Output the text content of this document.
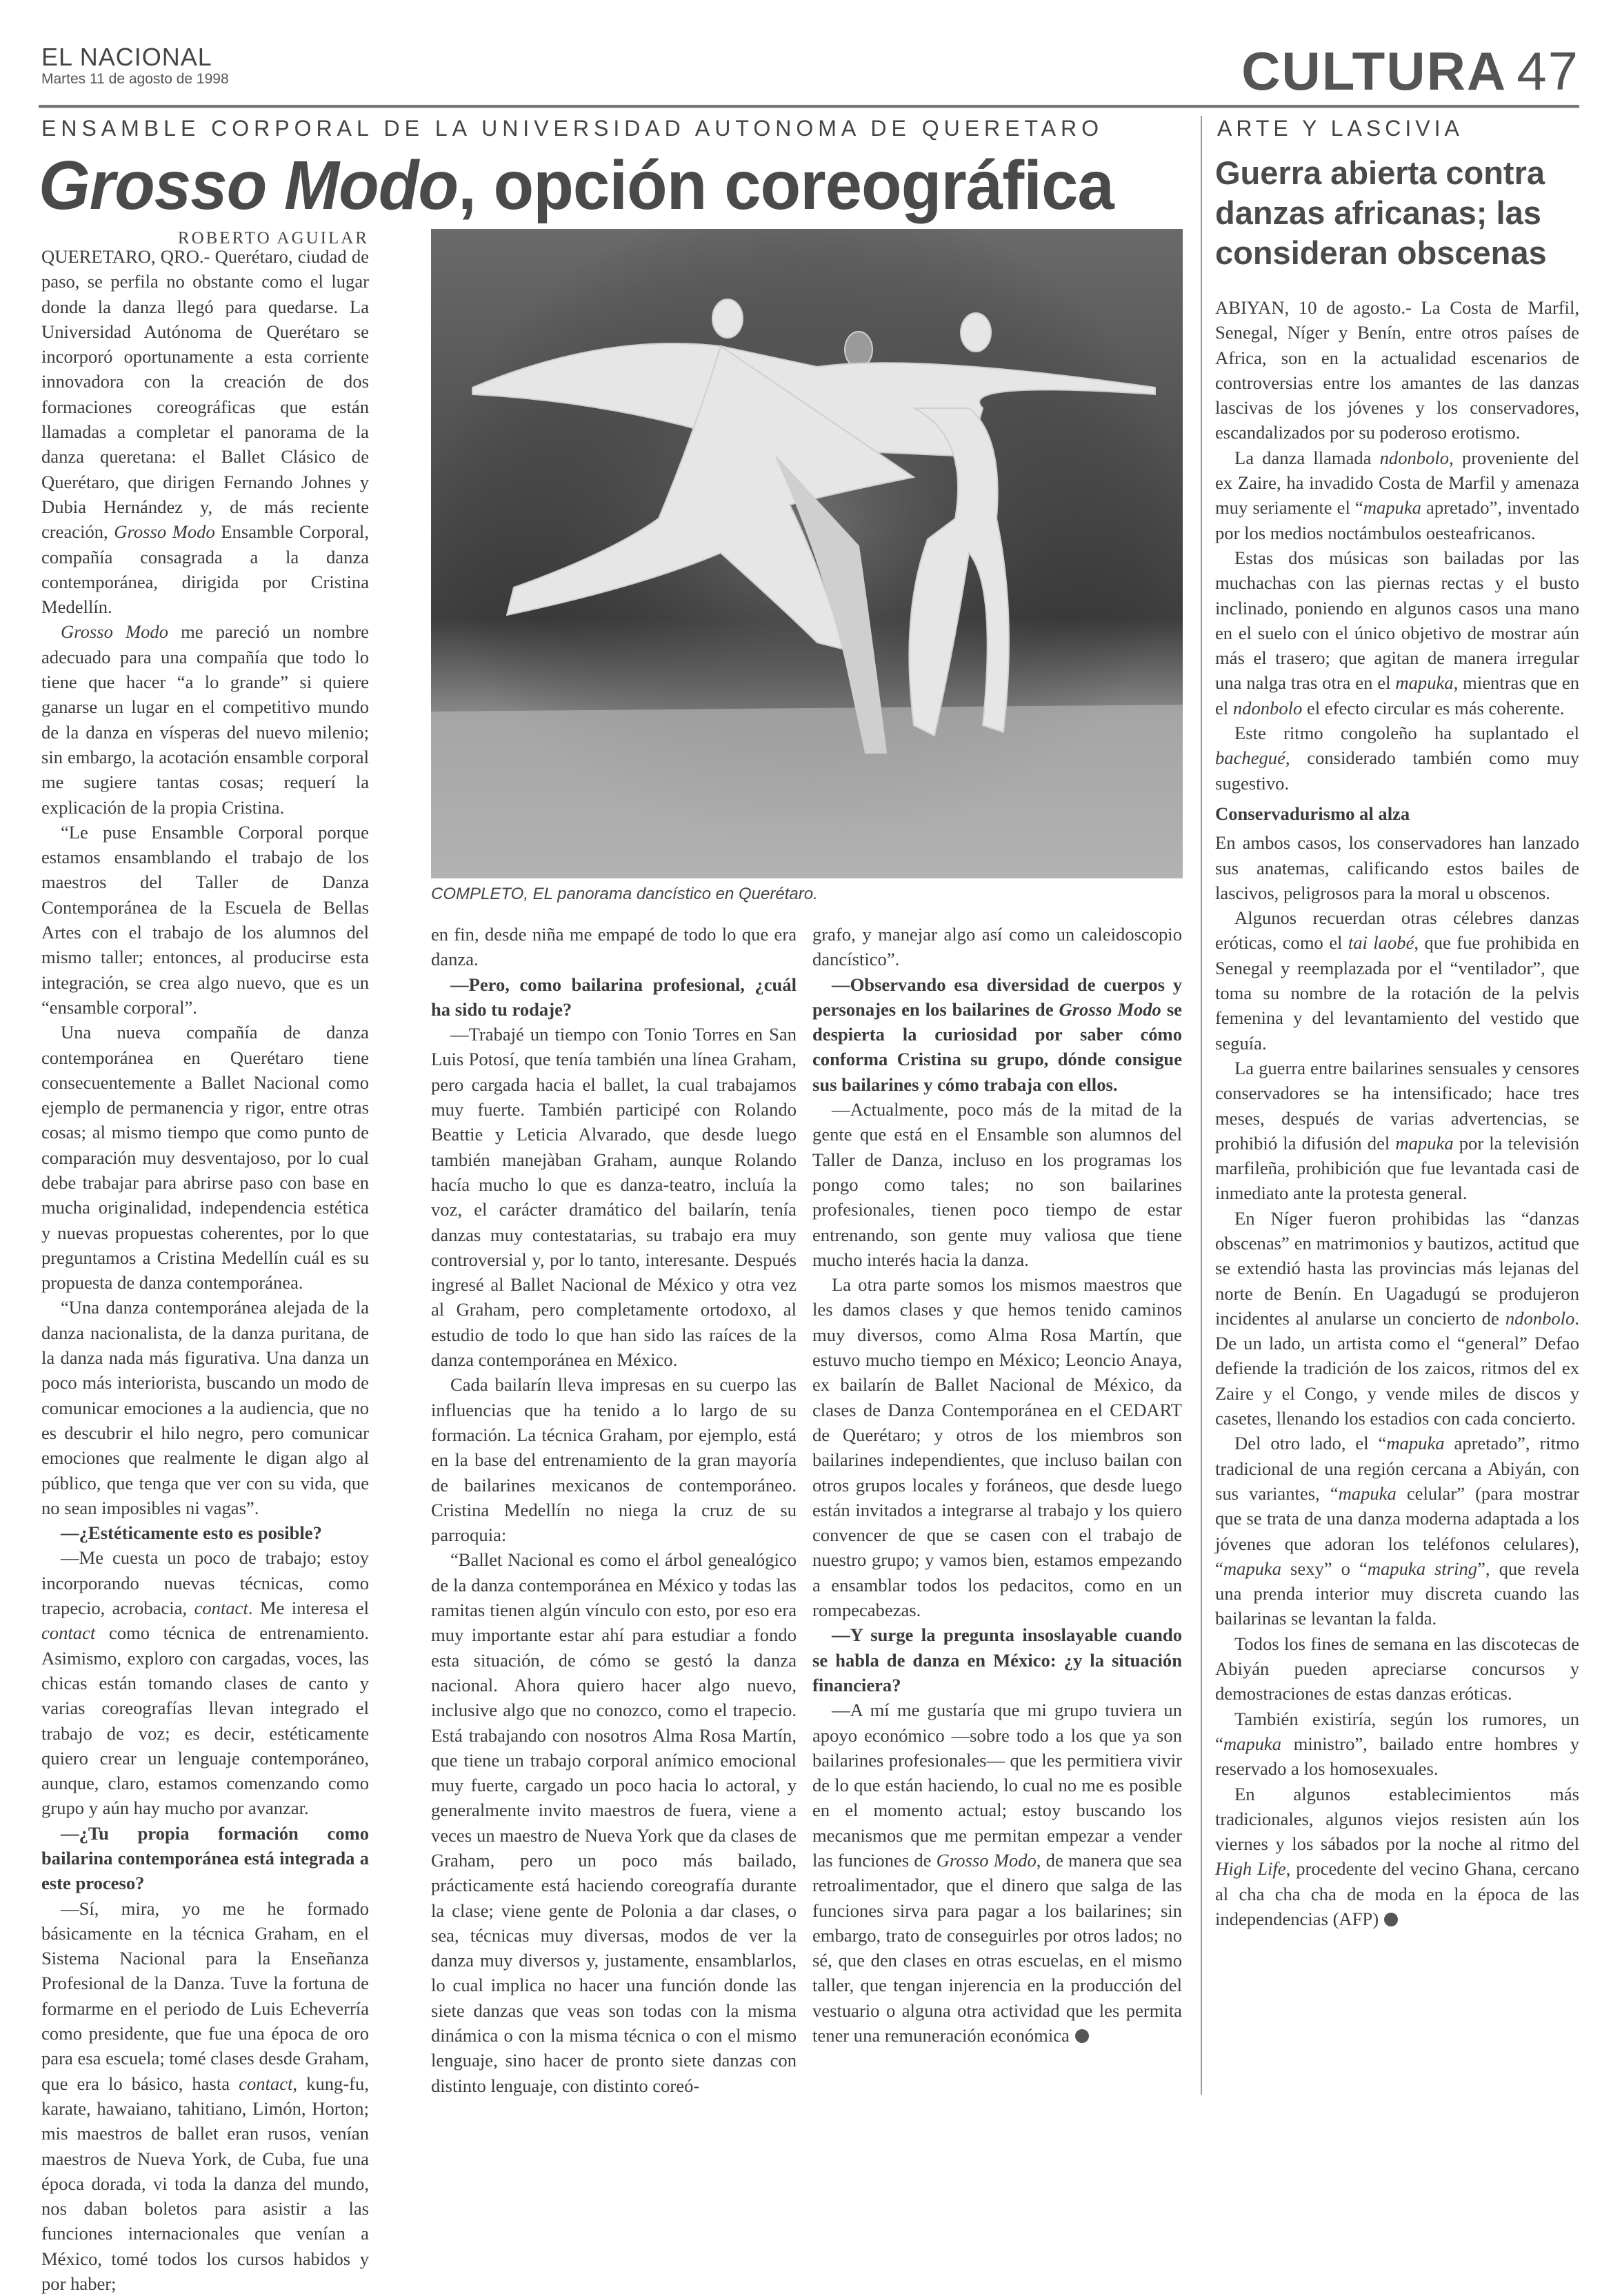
EL NACIONAL
Martes 11 de agosto de 1998	CULTURA 47
ENSAMBLE CORPORAL DE LA UNIVERSIDAD AUTONOMA DE QUERETARO	ARTE Y LASCIVIA
Grosso Modo, opción coreográfica	Guerra abierta contra danzas africanas; las consideran obscenas
ROBERTO AGUILAR
COMPLETO, EL panorama dancístico en Querétaro.

QUERETARO, QRO.- Querétaro, ciudad de paso, se perfila no obstante como el lugar donde la danza llegó para quedarse. La Universidad Autónoma de Querétaro se incorporó oportunamente a esta corriente innovadora con la creación de dos formaciones coreográficas que están llamadas a completar el panorama de la danza queretana: el Ballet Clásico de Querétaro, que dirigen Fernando Johnes y Dubia Hernández y, de más reciente creación, Grosso Modo Ensamble Corporal, compañía consagrada a la danza contemporánea, dirigida por Cristina Medellín.

Grosso Modo me pareció un nombre adecuado para una compañía que todo lo tiene que hacer “a lo grande” si quiere ganarse un lugar en el competitivo mundo de la danza en vísperas del nuevo milenio; sin embargo, la acotación ensamble corporal me sugiere tantas cosas; requerí la explicación de la propia Cristina.

“Le puse Ensamble Corporal porque estamos ensamblando el trabajo de los maestros del Taller de Danza Contemporánea de la Escuela de Bellas Artes con el trabajo de los alumnos del mismo taller; entonces, al producirse esta integración, se crea algo nuevo, que es un “ensamble corporal”.

Una nueva compañía de danza contemporánea en Querétaro tiene consecuentemente a Ballet Nacional como ejemplo de permanencia y rigor, entre otras cosas; al mismo tiempo que como punto de comparación muy desventajoso, por lo cual debe trabajar para abrirse paso con base en mucha originalidad, independencia estética y nuevas propuestas coherentes, por lo que preguntamos a Cristina Medellín cuál es su propuesta de danza contemporánea.

“Una danza contemporánea alejada de la danza nacionalista, de la danza puritana, de la danza nada más figurativa. Una danza un poco más interiorista, buscando un modo de comunicar emociones a la audiencia, que no es descubrir el hilo negro, pero comunicar emociones que realmente le digan algo al público, que tenga que ver con su vida, que no sean imposibles ni vagas”.

—¿Estéticamente esto es posible?

—Me cuesta un poco de trabajo; estoy incorporando nuevas técnicas, como trapecio, acrobacia, contact. Me interesa el contact como técnica de entrenamiento. Asimismo, exploro con cargadas, voces, las chicas están tomando clases de canto y varias coreografías llevan integrado el trabajo de voz; es decir, estéticamente quiero crear un lenguaje contemporáneo, aunque, claro, estamos comenzando como grupo y aún hay mucho por avanzar.

—¿Tu propia formación como bailarina contemporánea está integrada a este proceso?

—Sí, mira, yo me he formado básicamente en la técnica Graham, en el Sistema Nacional para la Enseñanza Profesional de la Danza. Tuve la fortuna de formarme en el periodo de Luis Echeverría como presidente, que fue una época de oro para esa escuela; tomé clases desde Graham, que era lo básico, hasta contact, kung-fu, karate, hawaiano, tahitiano, Limón, Horton; mis maestros de ballet eran rusos, venían maestros de Nueva York, de Cuba, fue una época dorada, vi toda la danza del mundo, nos daban boletos para asistir a las funciones internacionales que venían a México, tomé todos los cursos habidos y por haber;

en fin, desde niña me empapé de todo lo que era danza.

—Pero, como bailarina profesional, ¿cuál ha sido tu rodaje?

—Trabajé un tiempo con Tonio Torres en San Luis Potosí, que tenía también una línea Graham, pero cargada hacia el ballet, la cual trabajamos muy fuerte. También participé con Rolando Beattie y Leticia Alvarado, que desde luego también manejàban Graham, aunque Rolando hacía mucho lo que es danza-teatro, incluía la voz, el carácter dramático del bailarín, tenía danzas muy contestatarias, su trabajo era muy controversial y, por lo tanto, interesante. Después ingresé al Ballet Nacional de México y otra vez al Graham, pero completamente ortodoxo, al estudio de todo lo que han sido las raíces de la danza contemporánea en México.

Cada bailarín lleva impresas en su cuerpo las influencias que ha tenido a lo largo de su formación. La técnica Graham, por ejemplo, está en la base del entrenamiento de la gran mayoría de bailarines mexicanos de contemporáneo. Cristina Medellín no niega la cruz de su parroquia:

“Ballet Nacional es como el árbol genealógico de la danza contemporánea en México y todas las ramitas tienen algún vínculo con esto, por eso era muy importante estar ahí para estudiar a fondo esta situación, de cómo se gestó la danza nacional. Ahora quiero hacer algo nuevo, inclusive algo que no conozco, como el trapecio. Está trabajando con nosotros Alma Rosa Martín, que tiene un trabajo corporal anímico emocional muy fuerte, cargado un poco hacia lo actoral, y generalmente invito maestros de fuera, viene a veces un maestro de Nueva York que da clases de Graham, pero un poco más bailado, prácticamente está haciendo coreografía durante la clase; viene gente de Polonia a dar clases, o sea, técnicas muy diversas, modos de ver la danza muy diversos y, justamente, ensamblarlos, lo cual implica no hacer una función donde las siete danzas que veas son todas con la misma dinámica o con la misma técnica o con el mismo lenguaje, sino hacer de pronto siete danzas con distinto lenguaje, con distinto coreó-

grafo, y manejar algo así como un caleidoscopio dancístico”.

—Observando esa diversidad de cuerpos y personajes en los bailarines de Grosso Modo se despierta la curiosidad por saber cómo conforma Cristina su grupo, dónde consigue sus bailarines y cómo trabaja con ellos.

—Actualmente, poco más de la mitad de la gente que está en el Ensamble son alumnos del Taller de Danza, incluso en los programas los pongo como tales; no son bailarines profesionales, tienen poco tiempo de estar entrenando, son gente muy valiosa que tiene mucho interés hacia la danza.

La otra parte somos los mismos maestros que les damos clases y que hemos tenido caminos muy diversos, como Alma Rosa Martín, que estuvo mucho tiempo en México; Leoncio Anaya, ex bailarín de Ballet Nacional de México, da clases de Danza Contemporánea en el CEDART de Querétaro; y otros de los miembros son bailarines independientes, que incluso bailan con otros grupos locales y foráneos, que desde luego están invitados a integrarse al trabajo y los quiero convencer de que se casen con el trabajo de nuestro grupo; y vamos bien, estamos empezando a ensamblar todos los pedacitos, como en un rompecabezas.

—Y surge la pregunta insoslayable cuando se habla de danza en México: ¿y la situación financiera?

—A mí me gustaría que mi grupo tuviera un apoyo económico —sobre todo a los que ya son bailarines profesionales— que les permitiera vivir de lo que están haciendo, lo cual no me es posible en el momento actual; estoy buscando los mecanismos que me permitan empezar a vender las funciones de Grosso Modo, de manera que sea retroalimentador, que el dinero que salga de las funciones sirva para pagar a los bailarines; sin embargo, trato de conseguirles por otros lados; no sé, que den clases en otras escuelas, en el mismo taller, que tengan injerencia en la producción del vestuario o alguna otra actividad que les permita tener una remuneración económica

ABIYAN, 10 de agosto.- La Costa de Marfil, Senegal, Níger y Benín, entre otros países de Africa, son en la actualidad escenarios de controversias entre los amantes de las danzas lascivas de los jóvenes y los conservadores, escandalizados por su poderoso erotismo.

La danza llamada ndonbolo, proveniente del ex Zaire, ha invadido Costa de Marfil y amenaza muy seriamente el “mapuka apretado”, inventado por los medios noctámbulos oesteafricanos.

Estas dos músicas son bailadas por las muchachas con las piernas rectas y el busto inclinado, poniendo en algunos casos una mano en el suelo con el único objetivo de mostrar aún más el trasero; que agitan de manera irregular una nalga tras otra en el mapuka, mientras que en el ndonbolo el efecto circular es más coherente.

Este ritmo congoleño ha suplantado el bachegué, considerado también como muy sugestivo.

Conservadurismo al alza

En ambos casos, los conservadores han lanzado sus anatemas, calificando estos bailes de lascivos, peligrosos para la moral u obscenos.

Algunos recuerdan otras célebres danzas eróticas, como el tai laobé, que fue prohibida en Senegal y reemplazada por el “ventilador”, que toma su nombre de la rotación de la pelvis femenina y del levantamiento del vestido que seguía.

La guerra entre bailarines sensuales y censores conservadores se ha intensificado; hace tres meses, después de varias advertencias, se prohibió la difusión del mapuka por la televisión marfileña, prohibición que fue levantada casi de inmediato ante la protesta general.

En Níger fueron prohibidas las “danzas obscenas” en matrimonios y bautizos, actitud que se extendió hasta las provincias más lejanas del norte de Benín. En Uagadugú se produjeron incidentes al anularse un concierto de ndonbolo. De un lado, un artista como el “general” Defao defiende la tradición de los zaicos, ritmos del ex Zaire y el Congo, y vende miles de discos y casetes, llenando los estadios con cada concierto.

Del otro lado, el “mapuka apretado”, ritmo tradicional de una región cercana a Abiyán, con sus variantes, “mapuka celular” (para mostrar que se trata de una danza moderna adaptada a los jóvenes que adoran los teléfonos celulares), “mapuka sexy” o “mapuka string”, que revela una prenda interior muy discreta cuando las bailarinas se levantan la falda.

Todos los fines de semana en las discotecas de Abiyán pueden apreciarse concursos y demostraciones de estas danzas eróticas.

También existiría, según los rumores, un “mapuka ministro”, bailado entre hombres y reservado a los homosexuales.

En algunos establecimientos más tradicionales, algunos viejos resisten aún los viernes y los sábados por la noche al ritmo del High Life, procedente del vecino Ghana, cercano al cha cha cha de moda en la época de las independencias (AFP)
